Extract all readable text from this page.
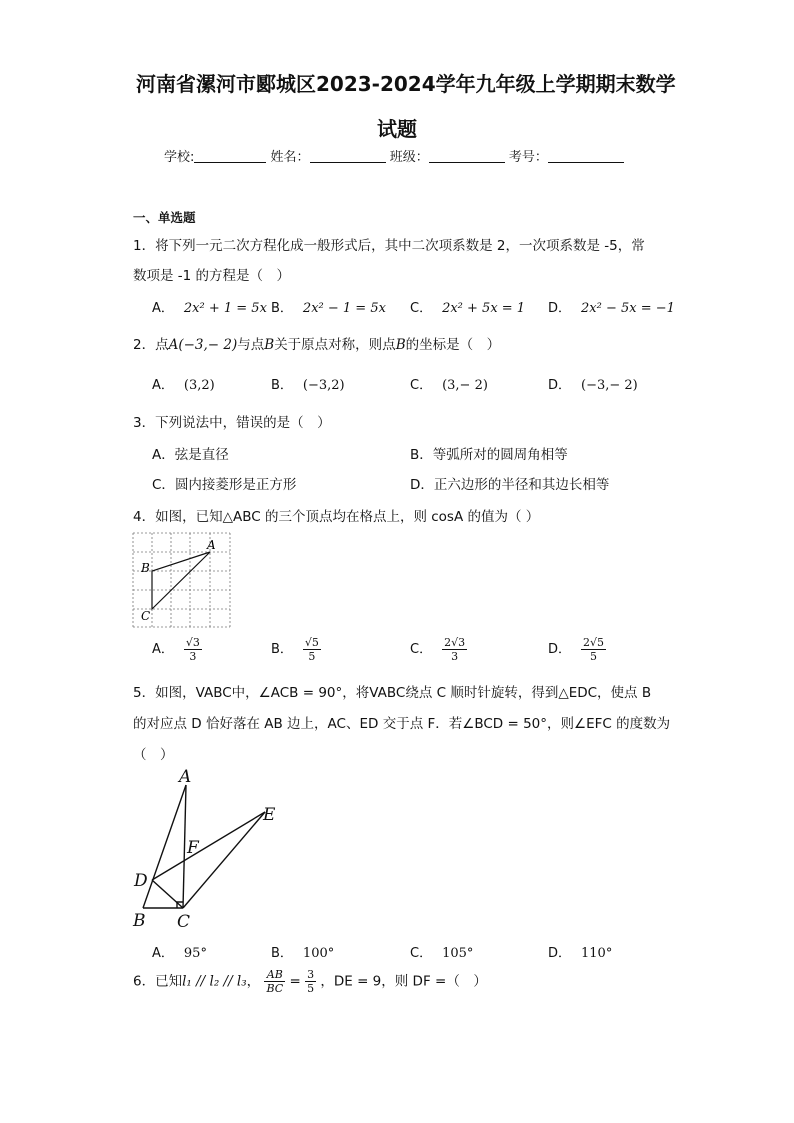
河南省漯河市郾城区2023-2024学年九年级上学期期末数学
试题
学校:	姓名：	班级：	考号：
一、单选题
1．将下列一元二次方程化成一般形式后，其中二次项系数是 2，一次项系数是 -5，常
数项是 -1 的方程是（　）
A． 2x² + 1 = 5x B． 2x² − 1 = 5x C． 2x² + 5x = 1 D． 2x² − 5x = −1
2．点A(−3,− 2)与点B关于原点对称，则点B的坐标是（　）
A． (3,2)	B． (−3,2)	C． (3,− 2)	D． (−3,− 2)
3．下列说法中，错误的是（　）
A．弦是直径	B．等弧所对的圆周角相等
C．圆内接菱形是正方形	D．正六边形的半径和其边长相等
4．如图，已知△ABC 的三个顶点均在格点上，则 cosA 的值为（ ）
A
B
C
A． $\frac{√3}{3}$	B． $\frac{√5}{5}$	C． $\frac{2√3}{3}$	D． $\frac{2√5}{5}$
5．如图，VABC中，∠ACB = 90°，将VABC绕点 C 顺时针旋转，得到△EDC，使点 B
的对应点 D 恰好落在 AB 边上，AC、ED 交于点 F．若∠BCD = 50°，则∠EFC 的度数为
（　）
A
E
F
D
B C
A． 95°	B． 100°	C． 105°	D． 110°
6．已知l₁ // l₂ // l₃， $\frac{AB}{BC} = \frac{3}{5}$ ，DE = 9，则 DF =（　）
